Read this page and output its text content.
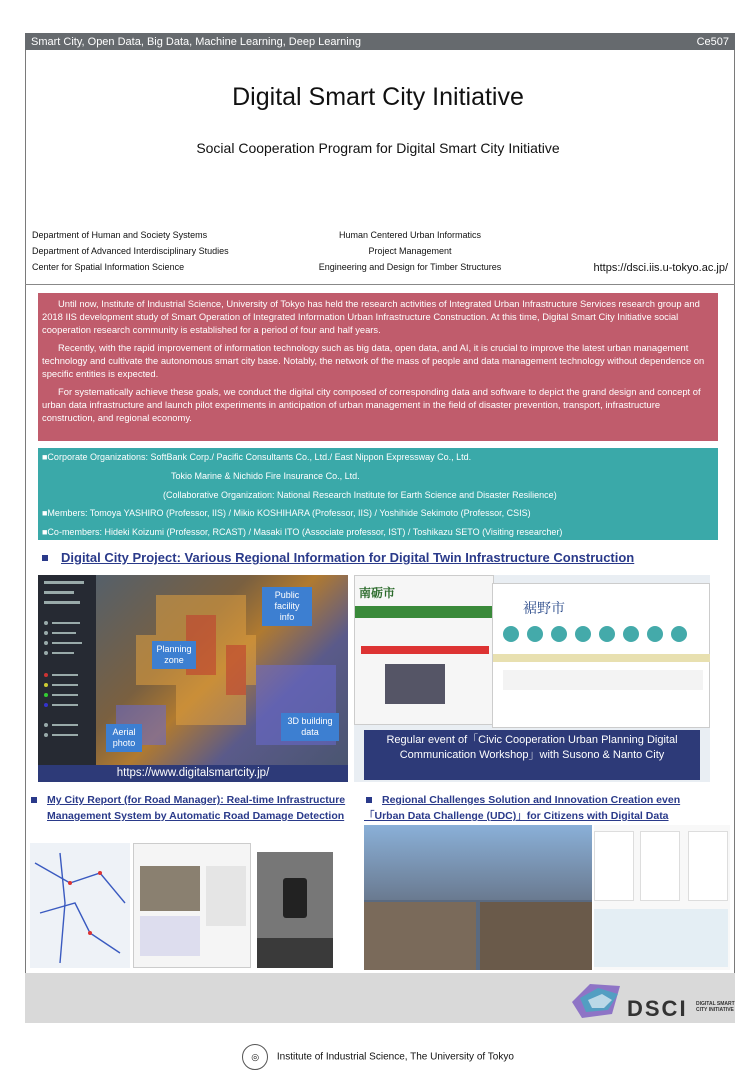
Smart City, Open Data, Big Data, Machine Learning, Deep Learning	Ce507
Digital Smart City Initiative
Social Cooperation Program for Digital Smart City Initiative
Department of Human and Society Systems
Department of Advanced Interdisciplinary Studies
Center for Spatial Information Science
Human Centered Urban Informatics
Project Management
Engineering and Design for Timber Structures	https://dsci.iis.u-tokyo.ac.jp/

Until now, Institute of Industrial Science, University of Tokyo has held the research activities of Integrated Urban Infrastructure Services research group and 2018 IIS development study of Smart Operation of Integrated Information Urban Infrastructure Construction. At this time, Digital Smart City Initiative social cooperation research community is established for a period of four and half years.

Recently, with the rapid improvement of information technology such as big data, open data, and AI, it is crucial to improve the latest urban management technology and cultivate the autonomous smart city base. Notably, the network of the mass of people and data management technology without dependence on specific entities is expected.

For systematically achieve these goals, we conduct the digital city composed of corresponding data and software to depict the grand design and concept of urban data infrastructure and launch pilot experiments in anticipation of urban management in the field of disaster prevention, transport, infrastructure construction, and regional economy.

■Corporate Organizations: SoftBank Corp./ Pacific Consultants Co., Ltd./ East Nippon Expressway Co., Ltd.
Tokio Marine & Nichido Fire Insurance Co., Ltd.
(Collaborative Organization: National Research Institute for Earth Science and Disaster Resilience)
■Members: Tomoya YASHIRO (Professor, IIS) / Mikio KOSHIHARA (Professor, IIS) / Yoshihide Sekimoto (Professor, CSIS)
■Co-members: Hideki Koizumi (Professor, RCAST) / Masaki ITO (Associate professor, IST) / Toshikazu SETO (Visiting researcher)
Digital City Project: Various Regional Information for Digital Twin Infrastructure Construction
Public facility info
Planning zone
Aerial photo
3D building data
https://www.digitalsmartcity.jp/
南砺市
裾野市
Regular event of「Civic Cooperation Urban Planning Digital Communication Workshop」with Susono & Nanto City
My City Report (for Road Manager): Real-time Infrastructure Management System by Automatic Road Damage Detection
Regional Challenges Solution and Innovation Creation even「Urban Data Challenge (UDC)」for Citizens with Digital Data
DSCI DIGITAL SMART CITY INITIATIVE
◎ Institute of Industrial Science, The University of Tokyo
